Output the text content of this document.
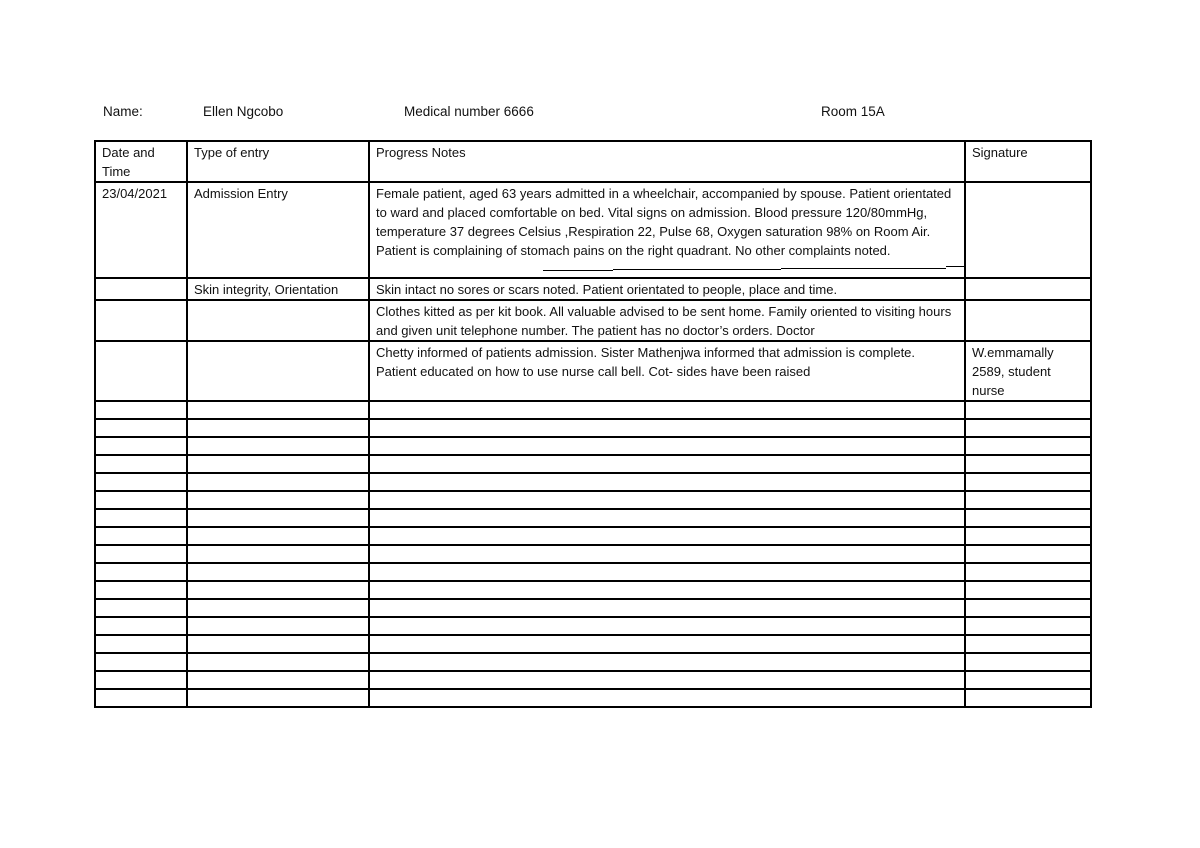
Name:	Ellen Ngcobo	Medical number 6666	Room 15A
Date and Time	Type of entry	Progress Notes	Signature
23/04/2021	Admission Entry	Female patient, aged 63 years admitted in a wheelchair, accompanied by spouse. Patient orientated to ward and placed comfortable on bed. Vital signs on admission. Blood pressure 120/80mmHg, temperature 37 degrees Celsius ,Respiration 22, Pulse 68, Oxygen saturation 98% on Room Air. Patient is complaining of stomach pains on the right quadrant. No other complaints noted.	

	Skin integrity, Orientation	Skin intact no sores or scars noted. Patient orientated to people, place and time.	
		Clothes kitted as per kit book. All valuable advised to be sent home. Family oriented to visiting hours and given unit telephone number. The patient has no doctor’s orders. Doctor	
		Chetty informed of patients admission. Sister Mathenjwa informed that admission is complete. Patient educated on how to use nurse call bell. Cot- sides have been raised	W.emmamally 2589, student nurse
